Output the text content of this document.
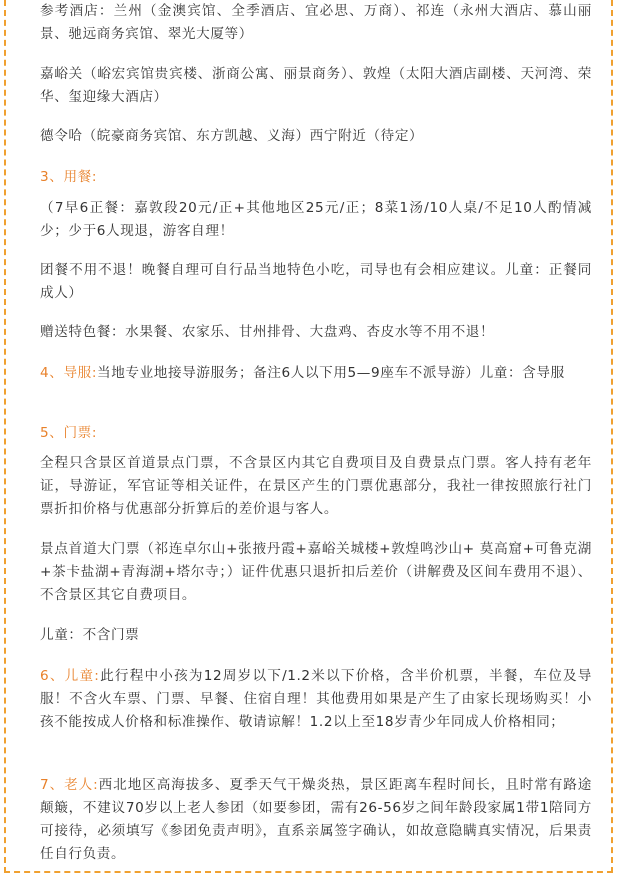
参考酒店：兰州（金澳宾馆、全季酒店、宜必思、万商）、祁连（永州大酒店、慕山丽景、驰远商务宾馆、翠光大厦等）

嘉峪关（峪宏宾馆贵宾楼、浙商公寓、丽景商务）、敦煌（太阳大酒店副楼、天河湾、荣华、玺迎缘大酒店）

德令哈（皖豪商务宾馆、东方凯越、义海）西宁附近（待定）

3、用餐:

（7早6正餐：嘉敦段20元/正+其他地区25元/正；8菜1汤/10人桌/不足10人酌情减少；少于6人现退，游客自理！

团餐不用不退！晚餐自理可自行品当地特色小吃，司导也有会相应建议。儿童：正餐同成人）

赠送特色餐：水果餐、农家乐、甘州排骨、大盘鸡、杏皮水等不用不退！

4、导服:当地专业地接导游服务；备注6人以下用5—9座车不派导游）儿童：含导服

5、门票:

全程只含景区首道景点门票，不含景区内其它自费项目及自费景点门票。客人持有老年证，导游证，军官证等相关证件，在景区产生的门票优惠部分，我社一律按照旅行社门票折扣价格与优惠部分折算后的差价退与客人。

景点首道大门票（祁连卓尔山+张掖丹霞+嘉峪关城楼+敦煌鸣沙山+ 莫高窟+可鲁克湖+茶卡盐湖+青海湖+塔尔寺；）证件优惠只退折扣后差价（讲解费及区间车费用不退）、不含景区其它自费项目。

儿童：不含门票

6、儿童:此行程中小孩为12周岁以下/1.2米以下价格，含半价机票，半餐，车位及导服！不含火车票、门票、早餐、住宿自理！其他费用如果是产生了由家长现场购买！小孩不能按成人价格和标准操作、敬请谅解！1.2以上至18岁青少年同成人价格相同；

7、老人:西北地区高海拔多、夏季天气干燥炎热，景区距离车程时间长，且时常有路途颠簸，不建议70岁以上老人参团（如要参团，需有26-56岁之间年龄段家属1带1陪同方可接待，必须填写《参团免责声明》，直系亲属签字确认，如故意隐瞒真实情况，后果责任自行负责。
